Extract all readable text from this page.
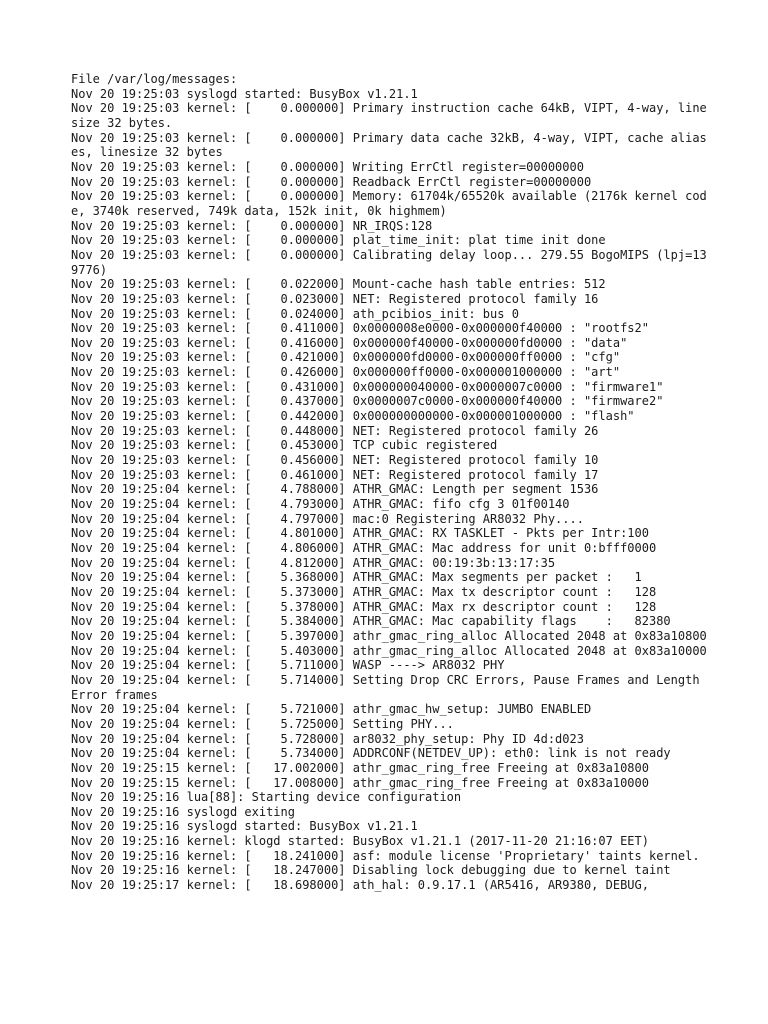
File /var/log/messages:
Nov 20 19:25:03 syslogd started: BusyBox v1.21.1
Nov 20 19:25:03 kernel: [    0.000000] Primary instruction cache 64kB, VIPT, 4-way, linesize 32 bytes.
Nov 20 19:25:03 kernel: [    0.000000] Primary data cache 32kB, 4-way, VIPT, cache aliases, linesize 32 bytes
Nov 20 19:25:03 kernel: [    0.000000] Writing ErrCtl register=00000000
Nov 20 19:25:03 kernel: [    0.000000] Readback ErrCtl register=00000000
Nov 20 19:25:03 kernel: [    0.000000] Memory: 61704k/65520k available (2176k kernel code, 3740k reserved, 749k data, 152k init, 0k highmem)
Nov 20 19:25:03 kernel: [    0.000000] NR_IRQS:128
Nov 20 19:25:03 kernel: [    0.000000] plat_time_init: plat time init done
Nov 20 19:25:03 kernel: [    0.000000] Calibrating delay loop... 279.55 BogoMIPS (lpj=139776)
Nov 20 19:25:03 kernel: [    0.022000] Mount-cache hash table entries: 512
Nov 20 19:25:03 kernel: [    0.023000] NET: Registered protocol family 16
Nov 20 19:25:03 kernel: [    0.024000] ath_pcibios_init: bus 0
Nov 20 19:25:03 kernel: [    0.411000] 0x0000008e0000-0x000000f40000 : "rootfs2"
Nov 20 19:25:03 kernel: [    0.416000] 0x000000f40000-0x000000fd0000 : "data"
Nov 20 19:25:03 kernel: [    0.421000] 0x000000fd0000-0x000000ff0000 : "cfg"
Nov 20 19:25:03 kernel: [    0.426000] 0x000000ff0000-0x000001000000 : "art"
Nov 20 19:25:03 kernel: [    0.431000] 0x000000040000-0x0000007c0000 : "firmware1"
Nov 20 19:25:03 kernel: [    0.437000] 0x0000007c0000-0x000000f40000 : "firmware2"
Nov 20 19:25:03 kernel: [    0.442000] 0x000000000000-0x000001000000 : "flash"
Nov 20 19:25:03 kernel: [    0.448000] NET: Registered protocol family 26
Nov 20 19:25:03 kernel: [    0.453000] TCP cubic registered
Nov 20 19:25:03 kernel: [    0.456000] NET: Registered protocol family 10
Nov 20 19:25:03 kernel: [    0.461000] NET: Registered protocol family 17
Nov 20 19:25:04 kernel: [    4.788000] ATHR_GMAC: Length per segment 1536
Nov 20 19:25:04 kernel: [    4.793000] ATHR_GMAC: fifo cfg 3 01f00140
Nov 20 19:25:04 kernel: [    4.797000] mac:0 Registering AR8032 Phy....
Nov 20 19:25:04 kernel: [    4.801000] ATHR_GMAC: RX TASKLET - Pkts per Intr:100
Nov 20 19:25:04 kernel: [    4.806000] ATHR_GMAC: Mac address for unit 0:bfff0000
Nov 20 19:25:04 kernel: [    4.812000] ATHR_GMAC: 00:19:3b:13:17:35
Nov 20 19:25:04 kernel: [    5.368000] ATHR_GMAC: Max segments per packet :   1
Nov 20 19:25:04 kernel: [    5.373000] ATHR_GMAC: Max tx descriptor count :   128
Nov 20 19:25:04 kernel: [    5.378000] ATHR_GMAC: Max rx descriptor count :   128
Nov 20 19:25:04 kernel: [    5.384000] ATHR_GMAC: Mac capability flags    :   82380
Nov 20 19:25:04 kernel: [    5.397000] athr_gmac_ring_alloc Allocated 2048 at 0x83a10800
Nov 20 19:25:04 kernel: [    5.403000] athr_gmac_ring_alloc Allocated 2048 at 0x83a10000
Nov 20 19:25:04 kernel: [    5.711000] WASP ----> AR8032 PHY
Nov 20 19:25:04 kernel: [    5.714000] Setting Drop CRC Errors, Pause Frames and Length Error frames
Nov 20 19:25:04 kernel: [    5.721000] athr_gmac_hw_setup: JUMBO ENABLED
Nov 20 19:25:04 kernel: [    5.725000] Setting PHY...
Nov 20 19:25:04 kernel: [    5.728000] ar8032_phy_setup: Phy ID 4d:d023
Nov 20 19:25:04 kernel: [    5.734000] ADDRCONF(NETDEV_UP): eth0: link is not ready
Nov 20 19:25:15 kernel: [   17.002000] athr_gmac_ring_free Freeing at 0x83a10800
Nov 20 19:25:15 kernel: [   17.008000] athr_gmac_ring_free Freeing at 0x83a10000
Nov 20 19:25:16 lua[88]: Starting device configuration
Nov 20 19:25:16 syslogd exiting
Nov 20 19:25:16 syslogd started: BusyBox v1.21.1
Nov 20 19:25:16 kernel: klogd started: BusyBox v1.21.1 (2017-11-20 21:16:07 EET)
Nov 20 19:25:16 kernel: [   18.241000] asf: module license 'Proprietary' taints kernel.
Nov 20 19:25:16 kernel: [   18.247000] Disabling lock debugging due to kernel taint
Nov 20 19:25:17 kernel: [   18.698000] ath_hal: 0.9.17.1 (AR5416, AR9380, DEBUG,
